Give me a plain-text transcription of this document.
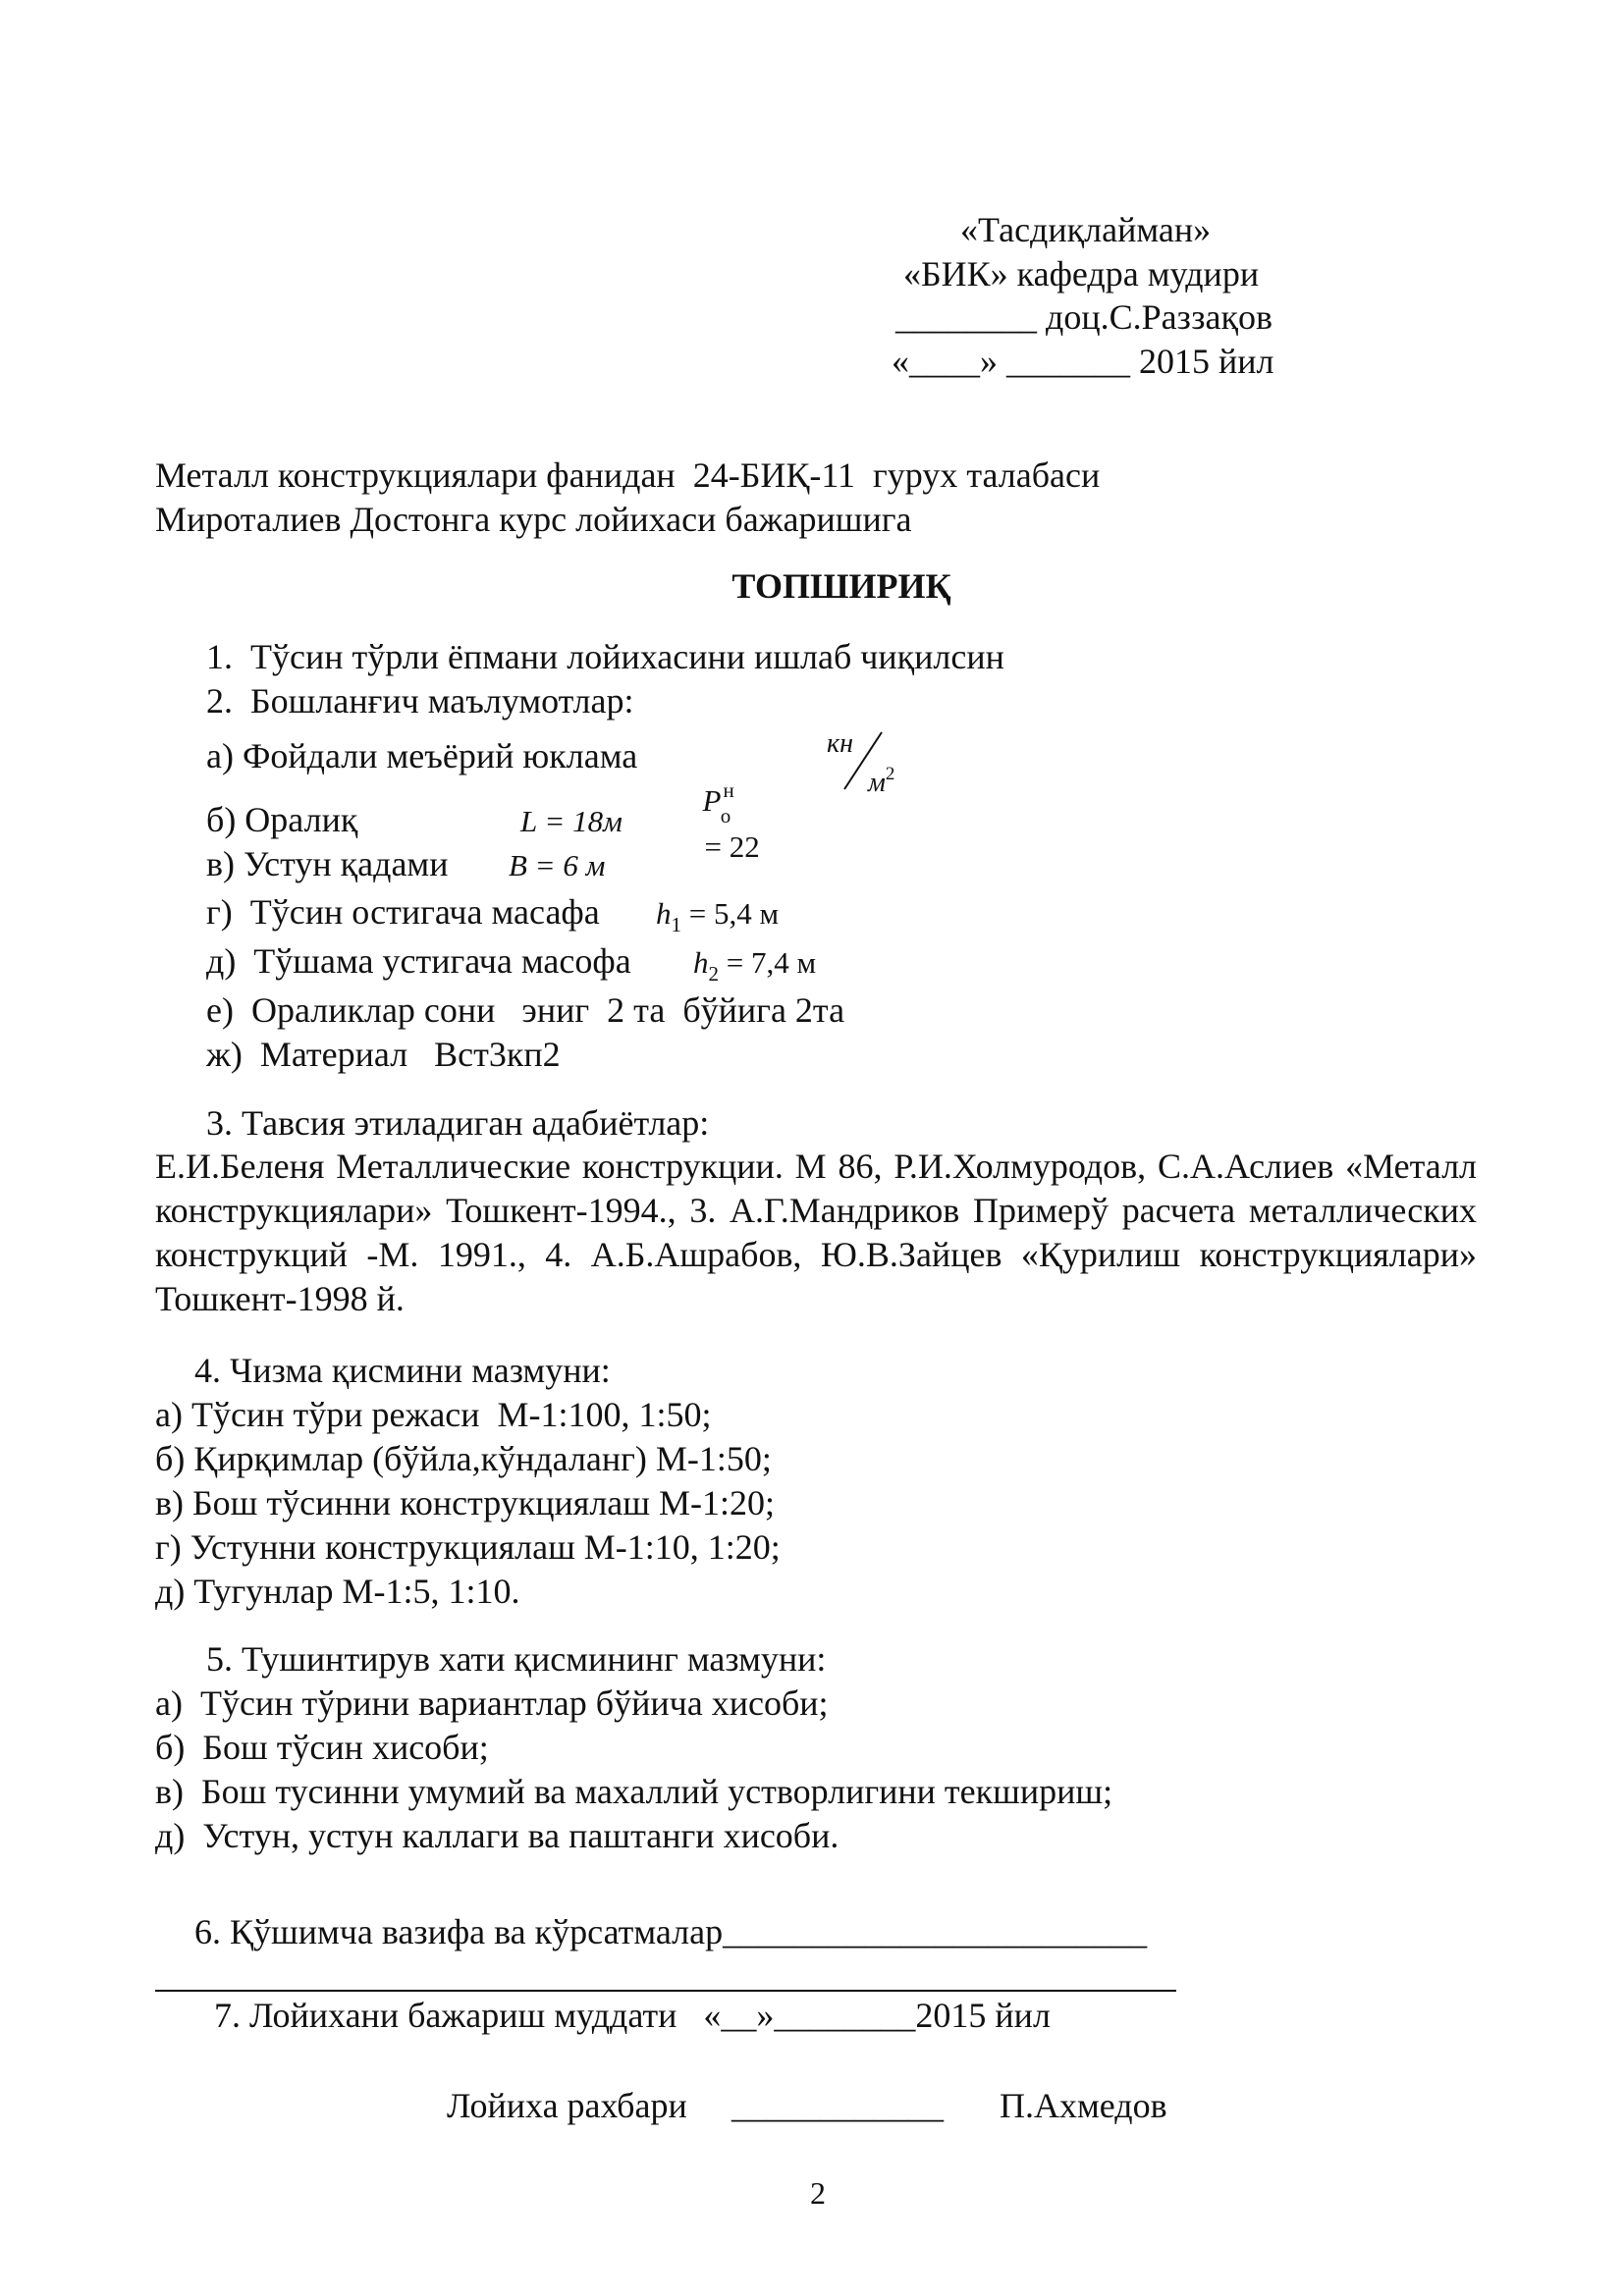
«Тасдиқлайман»
«БИК» кафедра мудири
________ доц.С.Раззақов
«____» _______ 2015 йил
Металл конструкциялари фанидан  24-БИҚ-11  гурух талабаси
Мироталиев Достонга курс лойихаси бажаришига
ТОПШИРИҚ
1.  Тўсин тўрли ёпмани лойихасини ишлаб чиқилсин
2.  Бошланғич маълумотлар:
а) Фойдали меъёрий юклама

$P^н_о$
= 22

кн
$м^2$
б) Оралиқ	L = 18м
в) Устун қадами B = 6 м
г)  Тўсин остигача масафа $h_1 = 5,4$ м
д)  Тўшама устигача масофа $h_2 = 7,4$ м
е)  Ораликлар сони   эниг  2 та  бўйига 2та
ж)  Материал   Вст3кп2
3. Тавсия этиладиган адабиётлар:
Е.И.Беленя Металлические конструкции. М 86, Р.И.Холмуродов, С.А.Аслиев «Металл конструкциялари» Тошкент-1994., 3. А.Г.Мандриков Примерў расчета металлических конструкций -М. 1991., 4. А.Б.Ашрабов, Ю.В.Зайцев «Қурилиш конструкциялари» Тошкент-1998 й.
4. Чизма қисмини мазмуни:
а) Тўсин тўри режаси  М-1:100, 1:50;
б) Қирқимлар (бўйла,кўндаланг) М-1:50;
в) Бош тўсинни конструкциялаш М-1:20;
г) Устунни конструкциялаш М-1:10, 1:20;
д) Тугунлар М-1:5, 1:10.
5. Тушинтирув хати қисмининг мазмуни:
а)  Тўсин тўрини вариантлар бўйича хисоби;
б)  Бош тўсин хисоби;
в)  Бош тусинни умумий ва махаллий устворлигини текшириш;
д)  Устун, устун каллаги ва паштанги хисоби.
6. Қўшимча вазифа ва кўрсатмалар________________________
7. Лойихани бажариш муддати   «__»________2015 йил
Лойиха рахбари ____________ П.Ахмедов
2
